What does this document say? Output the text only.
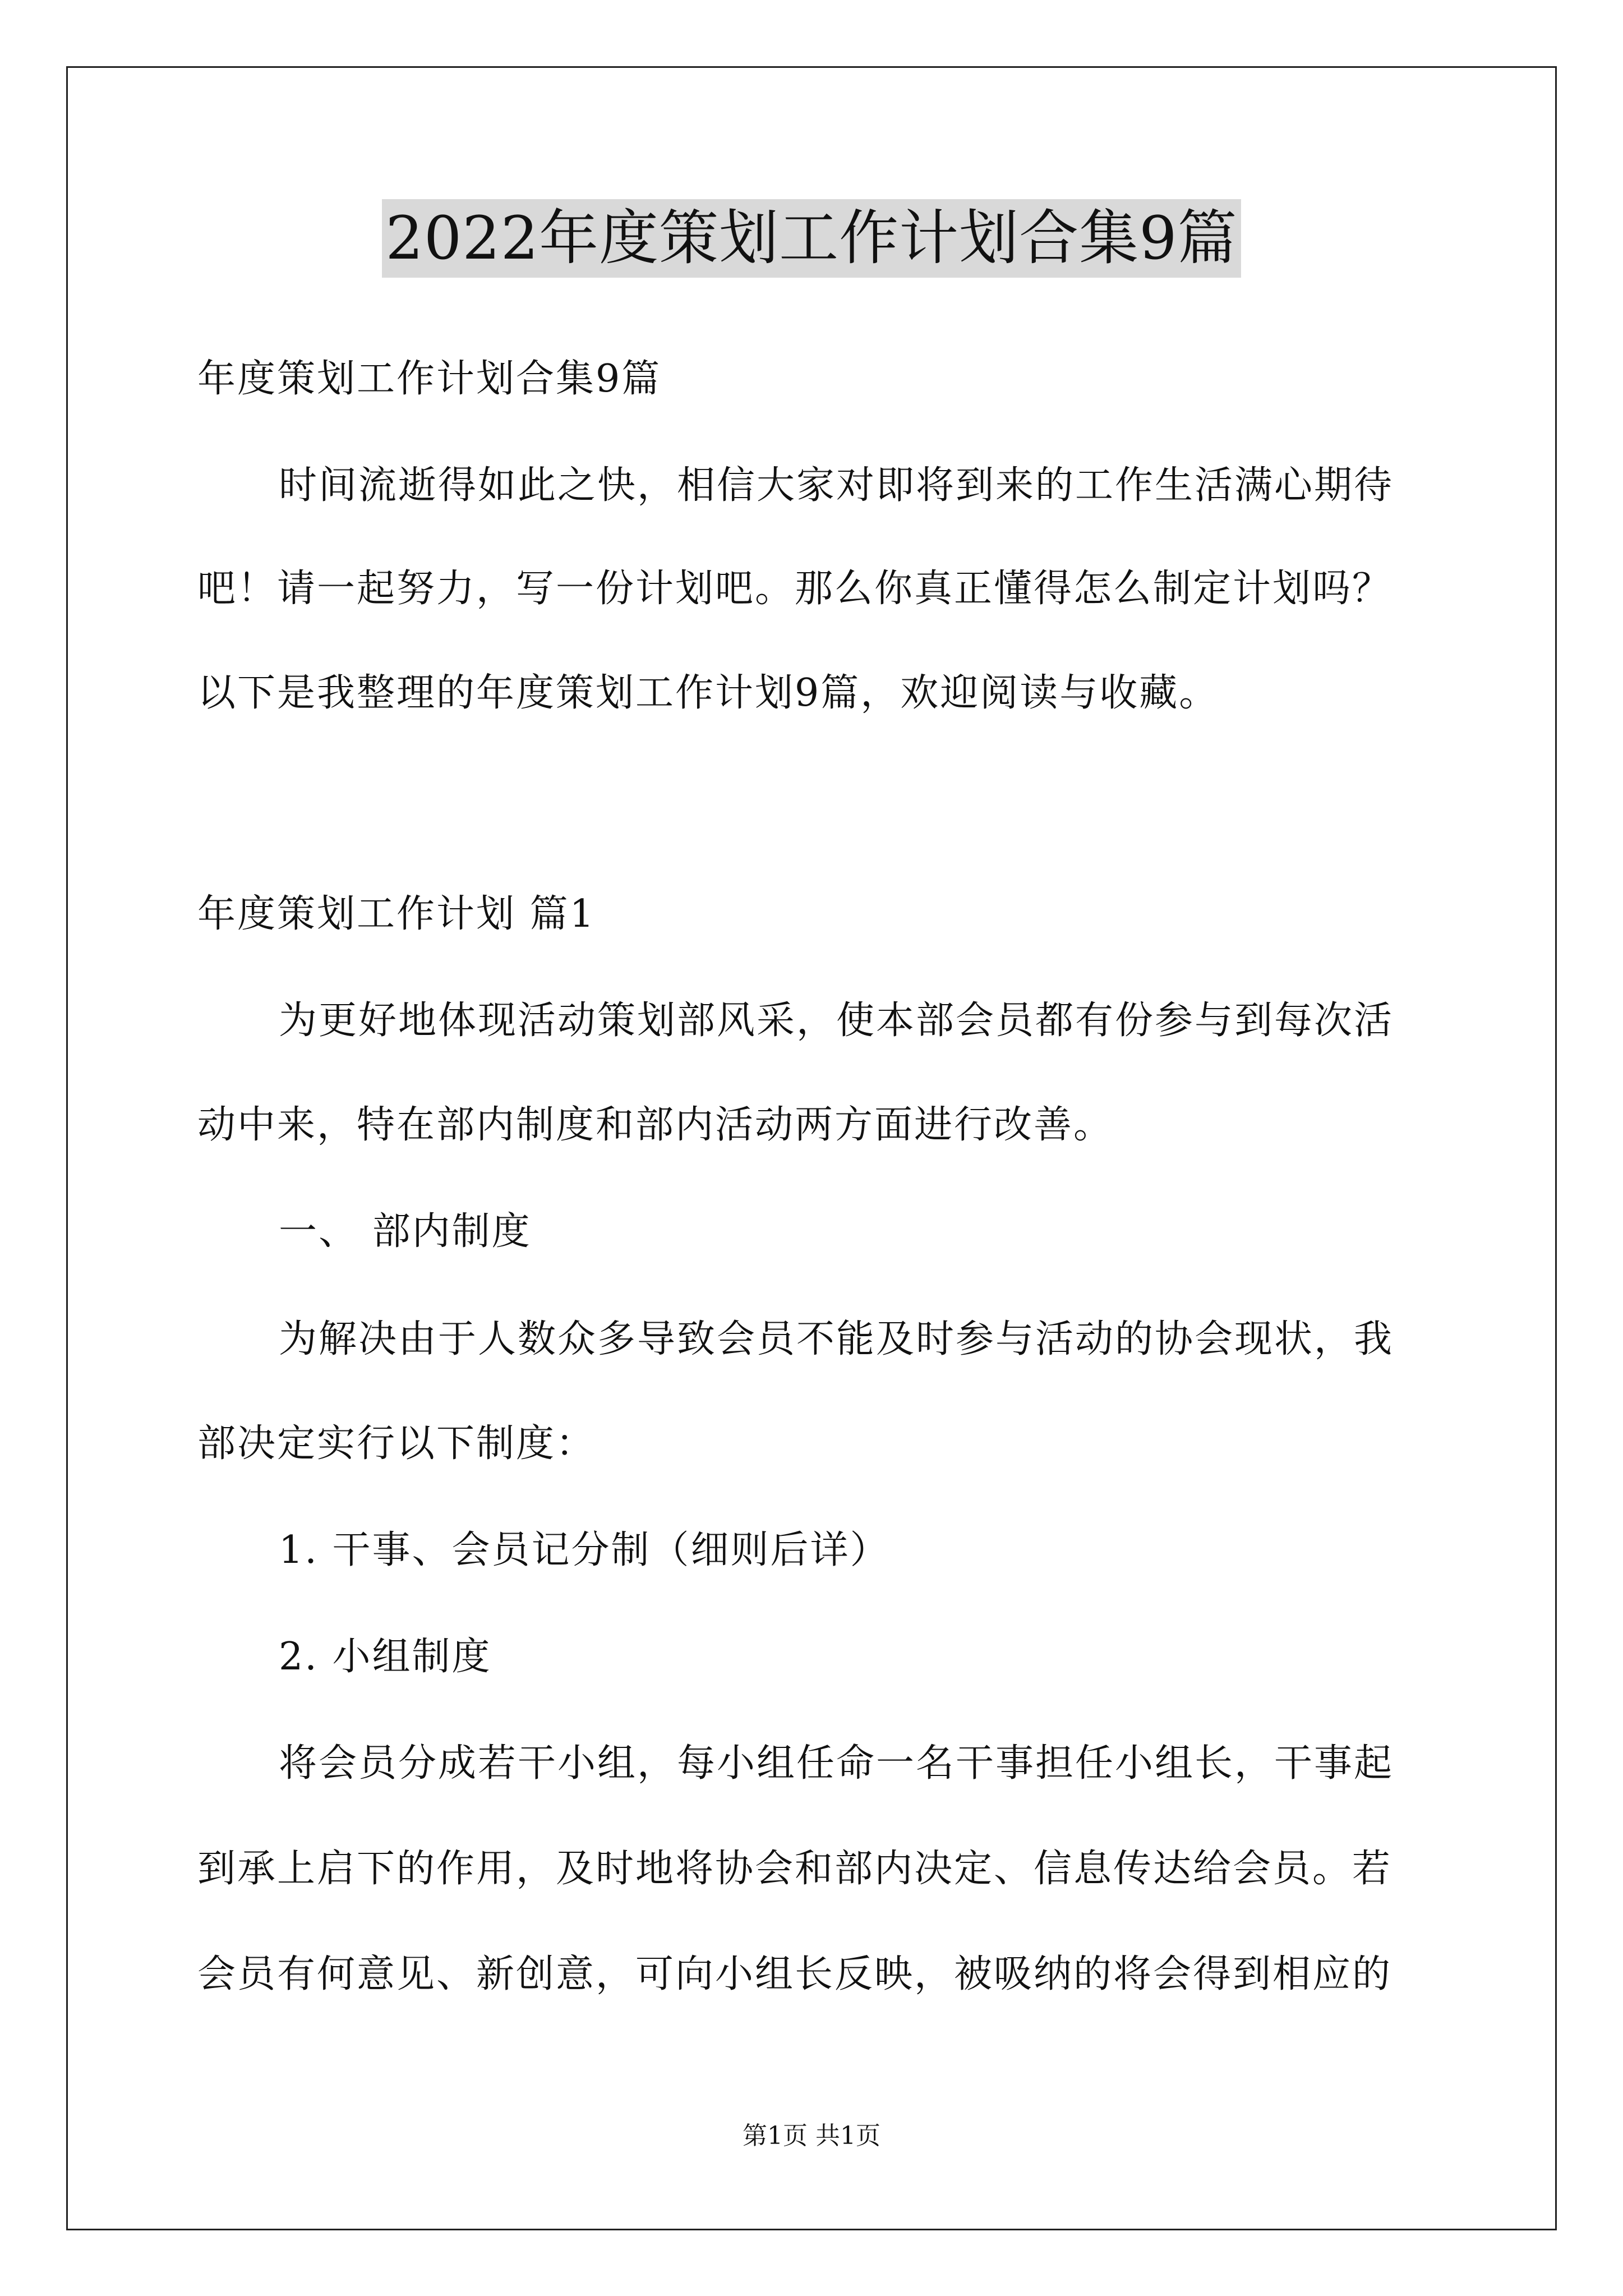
2022年度策划工作计划合集9篇
年度策划工作计划合集9篇
时间流逝得如此之快，相信大家对即将到来的工作生活满心期待
吧！请一起努力，写一份计划吧。那么你真正懂得怎么制定计划吗？
以下是我整理的年度策划工作计划9篇，欢迎阅读与收藏。
年度策划工作计划 篇1
为更好地体现活动策划部风采，使本部会员都有份参与到每次活
动中来，特在部内制度和部内活动两方面进行改善。
一、 部内制度
为解决由于人数众多导致会员不能及时参与活动的协会现状，我
部决定实行以下制度：
1. 干事、会员记分制（细则后详）
2. 小组制度
将会员分成若干小组，每小组任命一名干事担任小组长，干事起
到承上启下的作用，及时地将协会和部内决定、信息传达给会员。若
会员有何意见、新创意，可向小组长反映，被吸纳的将会得到相应的
第1页 共1页
